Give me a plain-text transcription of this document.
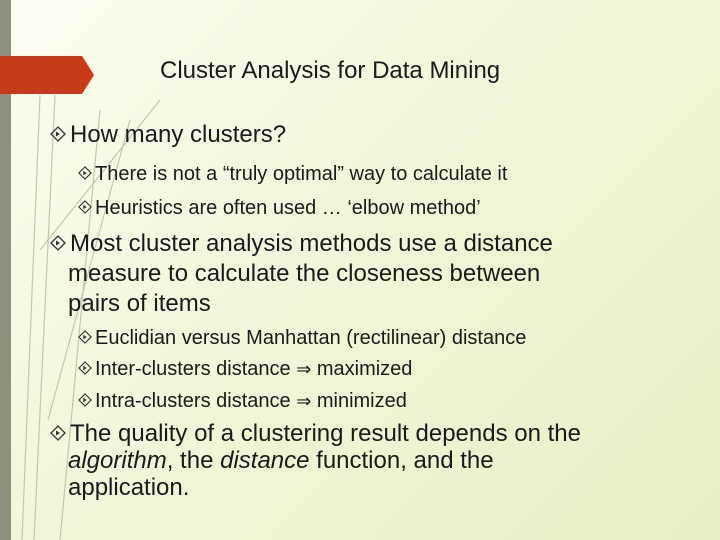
Cluster Analysis for Data Mining
How many clusters?
There is not a “truly optimal” way to calculate it
Heuristics are often used … ‘elbow method’
Most cluster analysis methods use a distance
measure to calculate the closeness between
pairs of items
Euclidian versus Manhattan (rectilinear) distance
Inter-clusters distance ⇒ maximized
Intra-clusters distance ⇒ minimized
The quality of a clustering result depends on the
algorithm, the distance function, and the
application.
